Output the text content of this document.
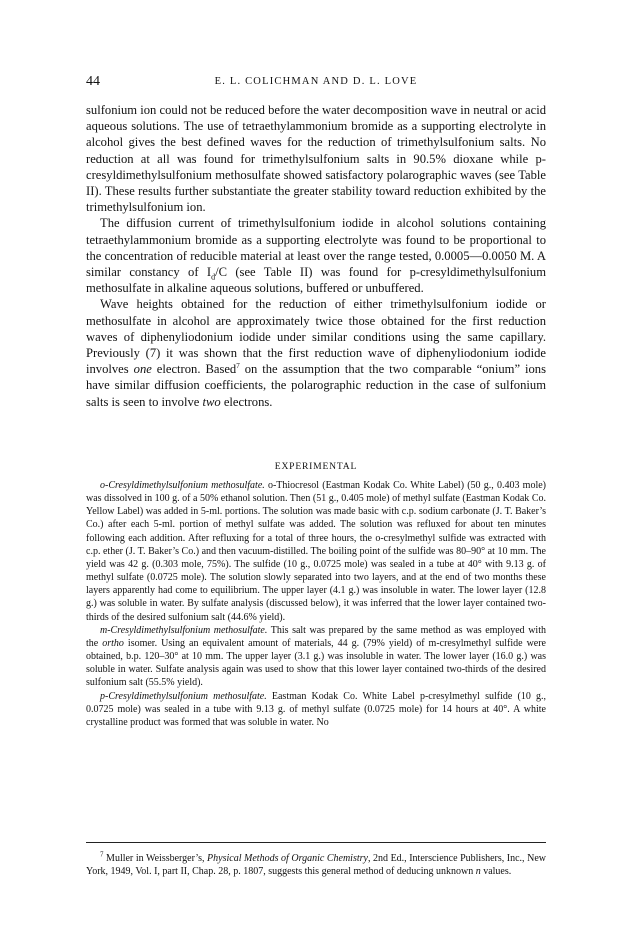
44	E. L. COLICHMAN AND D. L. LOVE

sulfonium ion could not be reduced before the water decomposition wave in neutral or acid aqueous solutions. The use of tetraethylammonium bromide as a supporting electrolyte in alcohol gives the best defined waves for the reduction of trimethylsulfonium salts. No reduction at all was found for trimethylsulfonium salts in 90.5% dioxane while p-cresyldimethylsulfonium methosulfate showed satisfactory polarographic waves (see Table II). These results further substantiate the greater stability toward reduction exhibited by the trimethylsulfonium ion.

The diffusion current of trimethylsulfonium iodide in alcohol solutions containing tetraethylammonium bromide as a supporting electrolyte was found to be proportional to the concentration of reducible material at least over the range tested, 0.0005—0.0050 M. A similar constancy of $I_d/C$ (see Table II) was found for p-cresyldimethylsulfonium methosulfate in alkaline aqueous solutions, buffered or unbuffered.

Wave heights obtained for the reduction of either trimethylsulfonium iodide or methosulfate in alcohol are approximately twice those obtained for the first reduction waves of diphenyliodonium iodide under similar conditions using the same capillary. Previously (7) it was shown that the first reduction wave of diphenyliodonium iodide involves one electron. Based$^7$ on the assumption that the two comparable “onium” ions have similar diffusion coefficients, the polarographic reduction in the case of sulfonium salts is seen to involve two electrons.

EXPERIMENTAL

o-Cresyldimethylsulfonium methosulfate. o-Thiocresol (Eastman Kodak Co. White Label) (50 g., 0.403 mole) was dissolved in 100 g. of a 50% ethanol solution. Then (51 g., 0.405 mole) of methyl sulfate (Eastman Kodak Co. Yellow Label) was added in 5-ml. portions. The solution was made basic with c.p. sodium carbonate (J. T. Baker’s Co.) after each 5-ml. portion of methyl sulfate was added. The solution was refluxed for about ten minutes following each addition. After refluxing for a total of three hours, the o-cresylmethyl sulfide was extracted with c.p. ether (J. T. Baker’s Co.) and then vacuum-distilled. The boiling point of the sulfide was 80–90° at 10 mm. The yield was 42 g. (0.303 mole, 75%). The sulfide (10 g., 0.0725 mole) was sealed in a tube at 40° with 9.13 g. of methyl sulfate (0.0725 mole). The solution slowly separated into two layers, and at the end of two months these layers apparently had come to equilibrium. The upper layer (4.1 g.) was insoluble in water. The lower layer (12.8 g.) was soluble in water. By sulfate analysis (discussed below), it was inferred that the lower layer contained two-thirds of the desired sulfonium salt (44.6% yield).

m-Cresyldimethylsulfonium methosulfate. This salt was prepared by the same method as was employed with the ortho isomer. Using an equivalent amount of materials, 44 g. (79% yield) of m-cresylmethyl sulfide were obtained, b.p. 120–30° at 10 mm. The upper layer (3.1 g.) was insoluble in water. The lower layer (16.0 g.) was soluble in water. Sulfate analysis again was used to show that this lower layer contained two-thirds of the desired sulfonium salt (55.5% yield).

p-Cresyldimethylsulfonium methosulfate. Eastman Kodak Co. White Label p-cresylmethyl sulfide (10 g., 0.0725 mole) was sealed in a tube with 9.13 g. of methyl sulfate (0.0725 mole) for 14 hours at 40°. A white crystalline product was formed that was soluble in water. No

$^7$ Muller in Weissberger’s, Physical Methods of Organic Chemistry, 2nd Ed., Interscience Publishers, Inc., New York, 1949, Vol. I, part II, Chap. 28, p. 1807, suggests this general method of deducing unknown n values.
